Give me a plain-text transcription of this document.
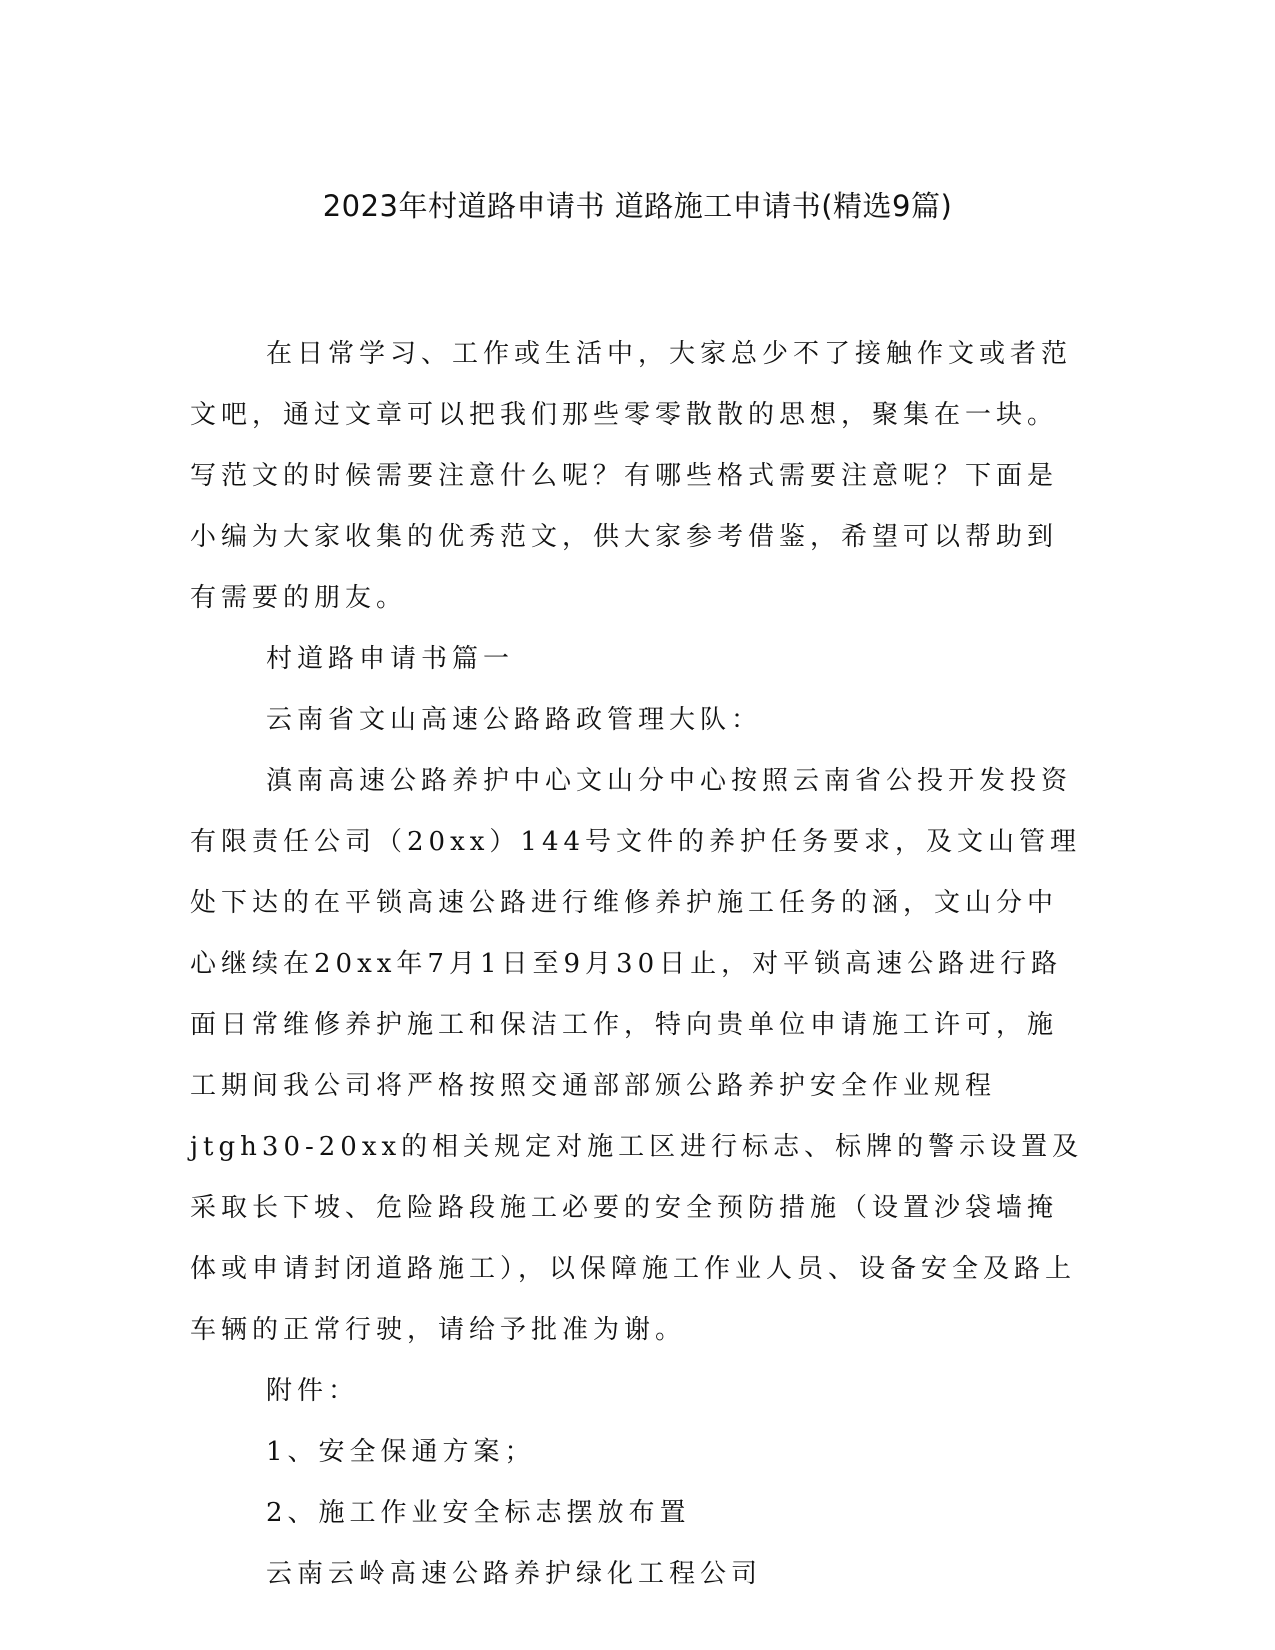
2023年村道路申请书 道路施工申请书(精选9篇)

在日常学习、工作或生活中，大家总少不了接触作文或者范文吧，通过文章可以把我们那些零零散散的思想，聚集在一块。写范文的时候需要注意什么呢？有哪些格式需要注意呢？下面是小编为大家收集的优秀范文，供大家参考借鉴，希望可以帮助到有需要的朋友。

村道路申请书篇一

云南省文山高速公路路政管理大队：

滇南高速公路养护中心文山分中心按照云南省公投开发投资有限责任公司（20xx）144号文件的养护任务要求，及文山管理处下达的在平锁高速公路进行维修养护施工任务的涵，文山分中心继续在20xx年7月1日至9月30日止，对平锁高速公路进行路面日常维修养护施工和保洁工作，特向贵单位申请施工许可，施工期间我公司将严格按照交通部部颁公路养护安全作业规程jtgh30-20xx的相关规定对施工区进行标志、标牌的警示设置及采取长下坡、危险路段施工必要的安全预防措施（设置沙袋墙掩体或申请封闭道路施工），以保障施工作业人员、设备安全及路上车辆的正常行驶，请给予批准为谢。

附件：

1、安全保通方案；

2、施工作业安全标志摆放布置

云南云岭高速公路养护绿化工程公司
